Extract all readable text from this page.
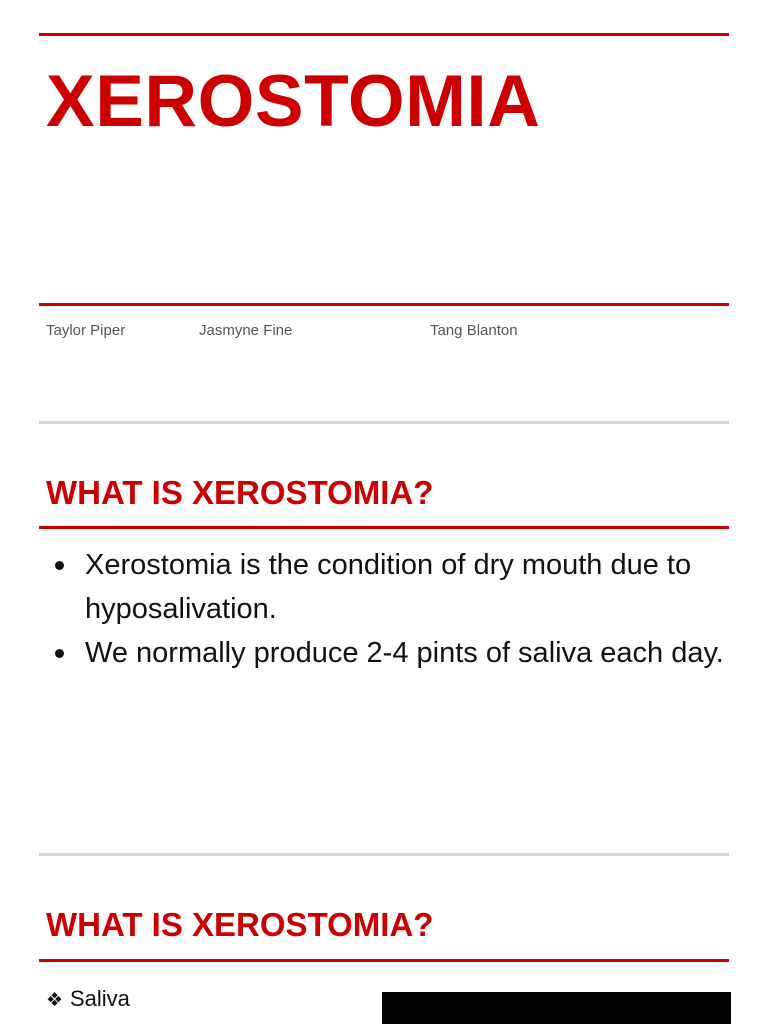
XEROSTOMIA
Taylor Piper	Jasmyne Fine	Tang Blanton
WHAT IS XEROSTOMIA?
Xerostomia is the condition of dry mouth due to hyposalivation.
We normally produce 2-4 pints of saliva each day.
WHAT IS XEROSTOMIA?
❖ Saliva
